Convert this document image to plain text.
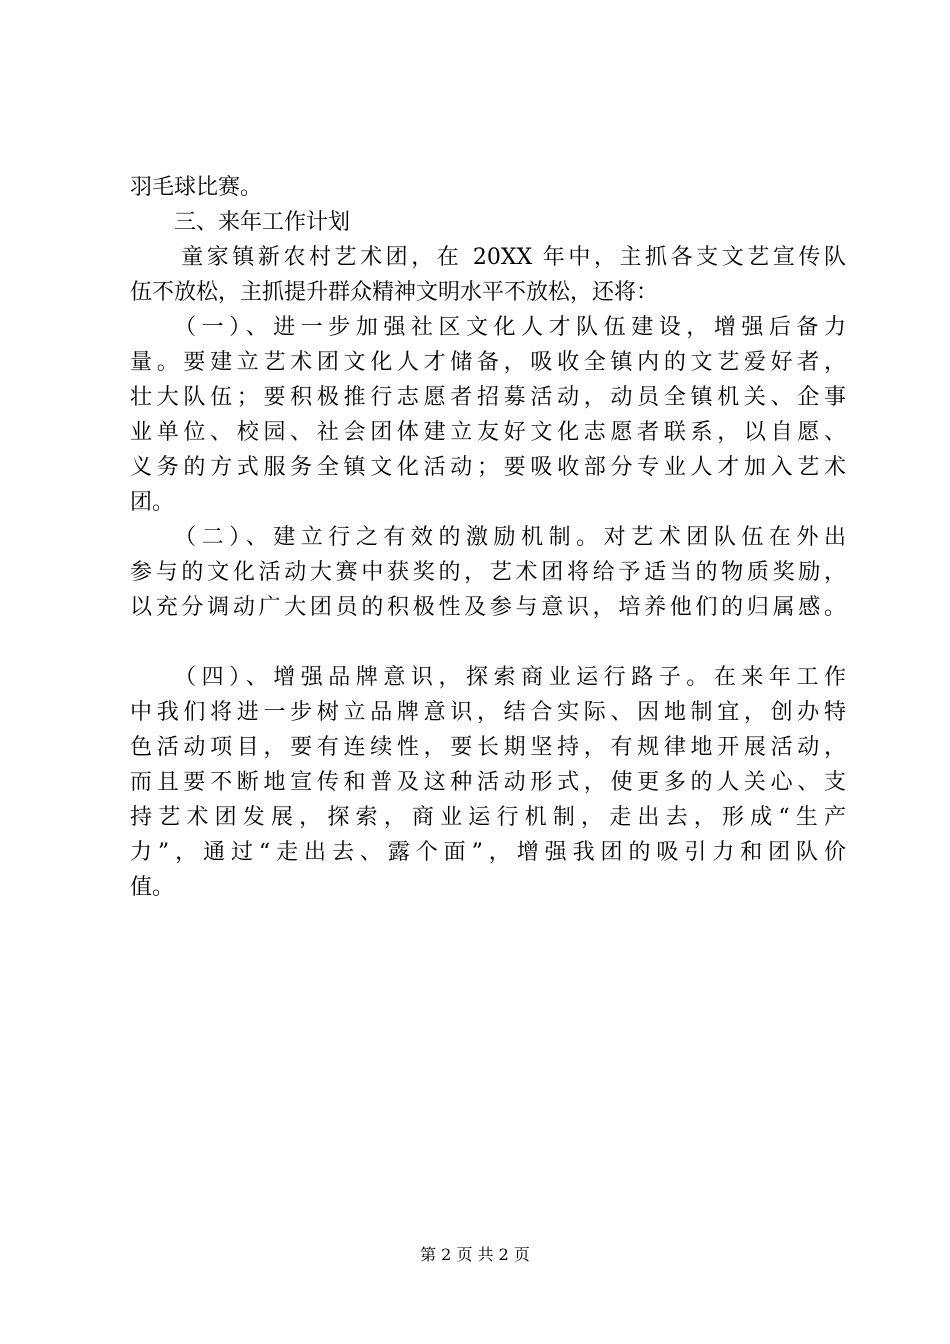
羽毛球比赛。

　　三、来年工作计划

　　童家镇新农村艺术团，在 20XX 年中，主抓各支文艺宣传队

伍不放松，主抓提升群众精神文明水平不放松，还将：

　　（一）、进一步加强社区文化人才队伍建设，增强后备力

量。要建立艺术团文化人才储备，吸收全镇内的文艺爱好者，

壮大队伍；要积极推行志愿者招募活动，动员全镇机关、企事

业单位、校园、社会团体建立友好文化志愿者联系，以自愿、

义务的方式服务全镇文化活动；要吸收部分专业人才加入艺术

团。

　　（二）、建立行之有效的激励机制。对艺术团队伍在外出

参与的文化活动大赛中获奖的，艺术团将给予适当的物质奖励，

以充分调动广大团员的积极性及参与意识，培养他们的归属感。

　　（四）、增强品牌意识，探索商业运行路子。在来年工作

中我们将进一步树立品牌意识，结合实际、因地制宜，创办特

色活动项目，要有连续性，要长期坚持，有规律地开展活动，

而且要不断地宣传和普及这种活动形式，使更多的人关心、支

持艺术团发展，探索，商业运行机制，走出去，形成“生产

力”，通过“走出去、露个面”，增强我团的吸引力和团队价

值。

第 2 页 共 2 页
